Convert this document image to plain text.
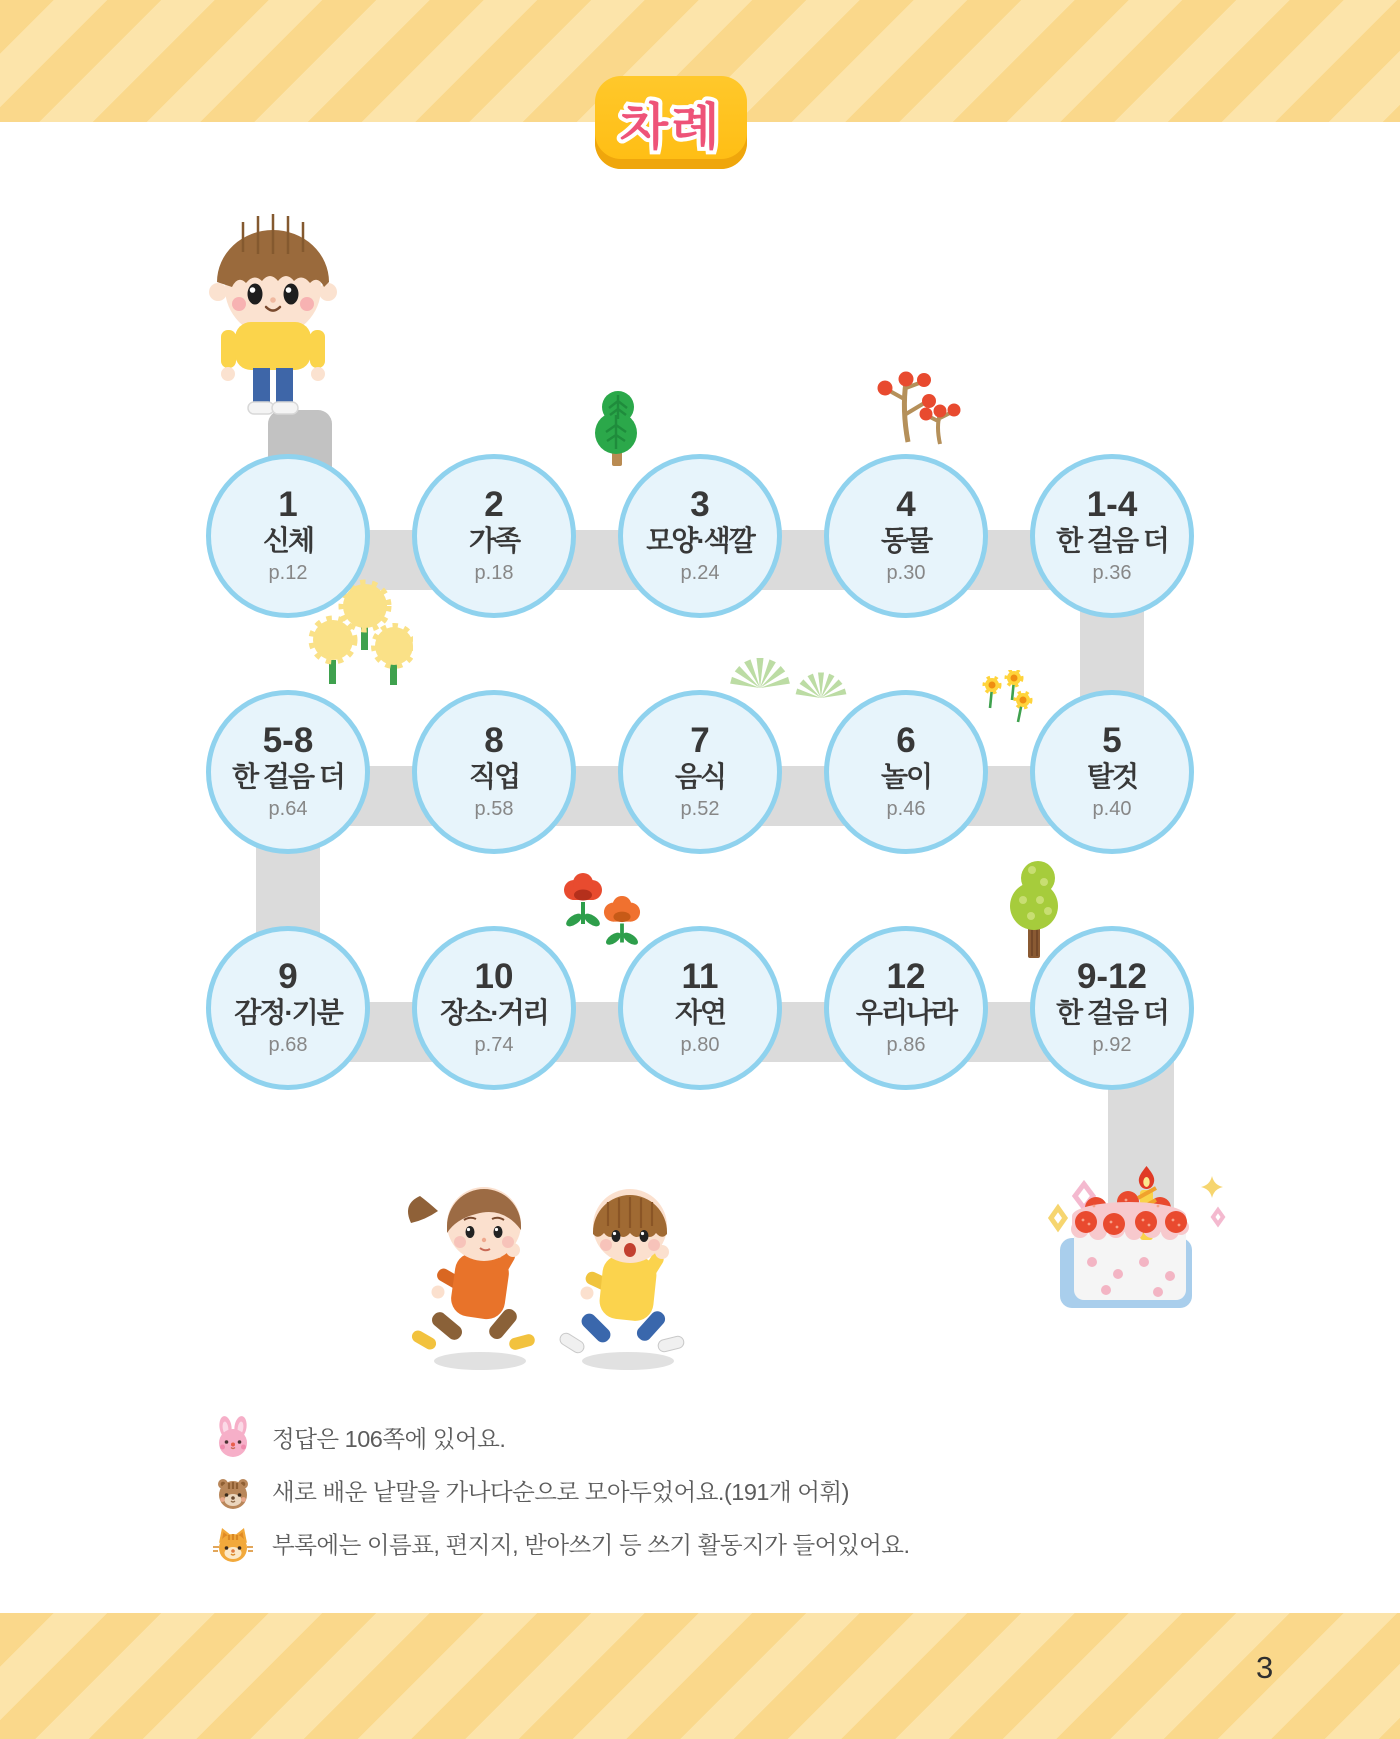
차례
1
신체
p.12
2
가족
p.18
3
모양·색깔
p.24
4
동물
p.30
1-4
한 걸음 더
p.36
5-8
한 걸음 더
p.64
8
직업
p.58
7
음식
p.52
6
놀이
p.46
5
탈것
p.40
9
감정·기분
p.68
10
장소·거리
p.74
11
자연
p.80
12
우리나라
p.86
9-12
한 걸음 더
p.92
정답은 106쪽에 있어요.
새로 배운 낱말을 가나다순으로 모아두었어요.(191개 어휘)
부록에는 이름표, 편지지, 받아쓰기 등 쓰기 활동지가 들어있어요.
3
